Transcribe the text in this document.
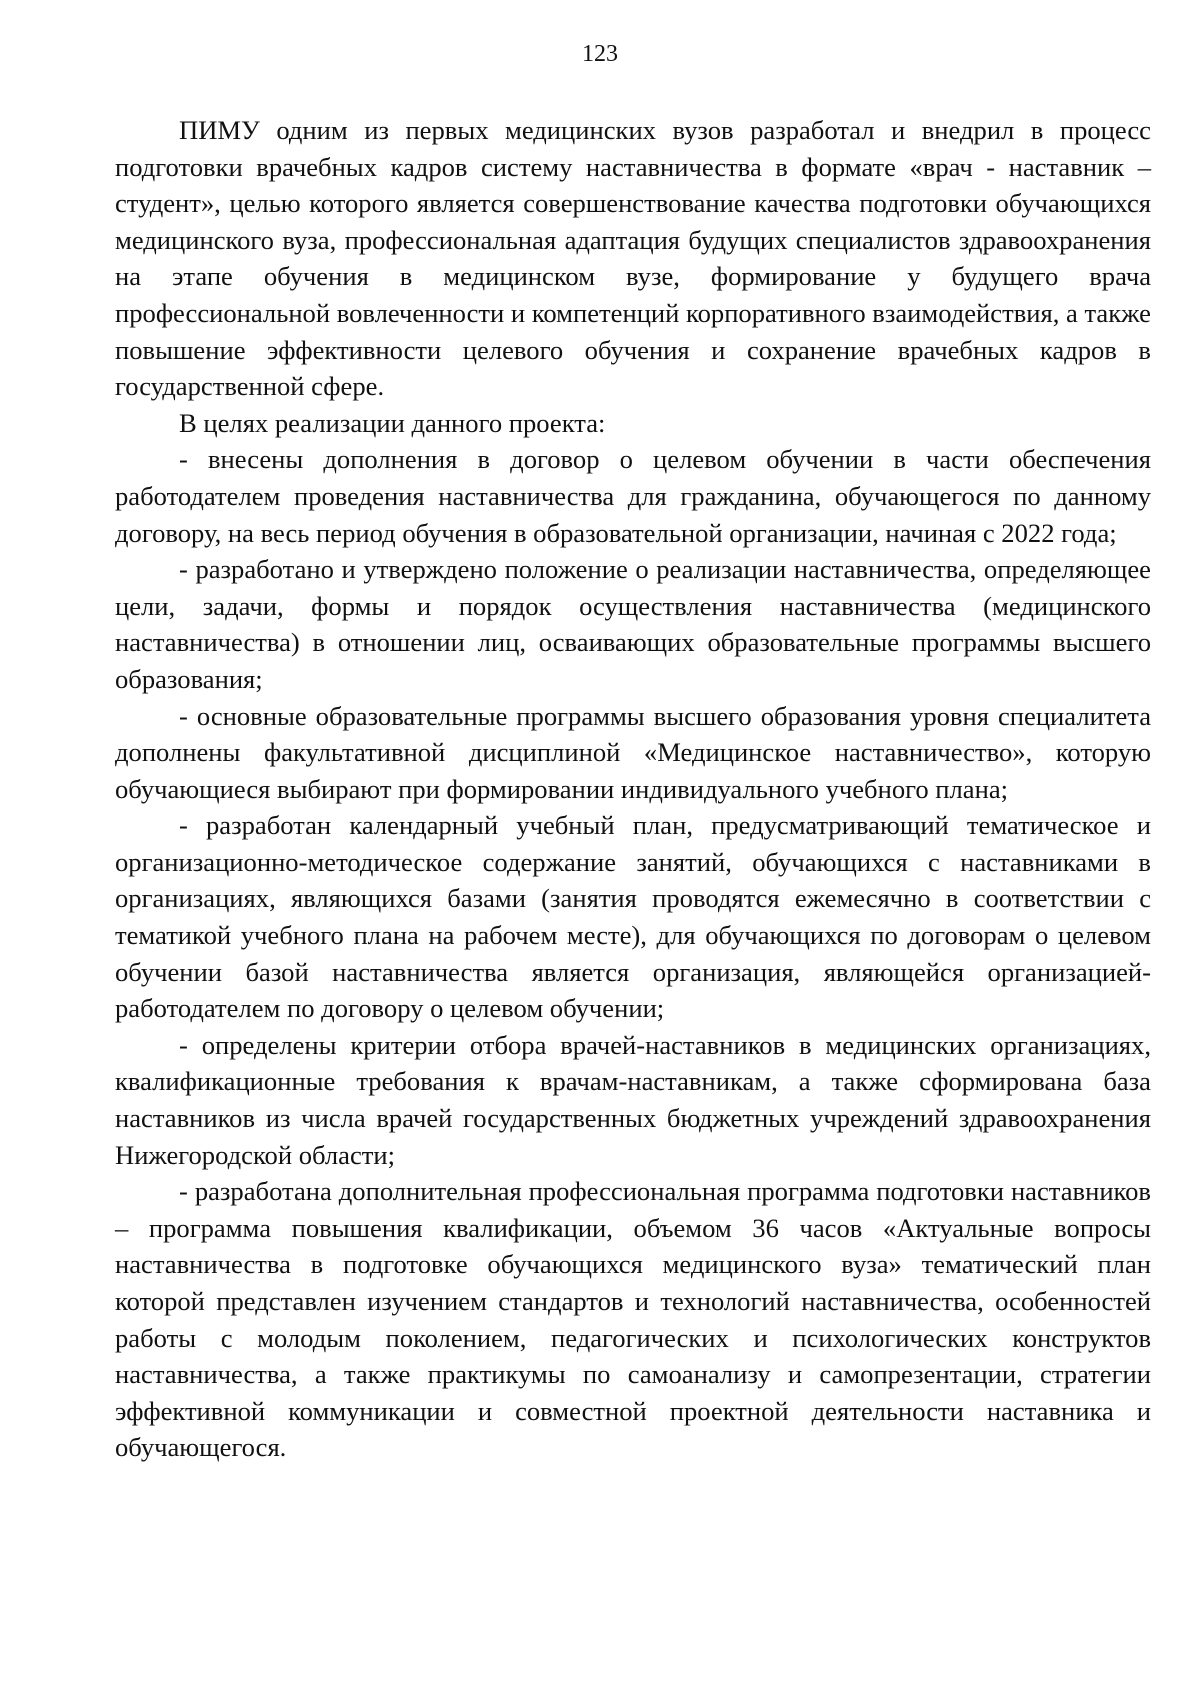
123

ПИМУ одним из первых медицинских вузов разработал и внедрил в процесс подготовки врачебных кадров систему наставничества в формате «врач - наставник – студент», целью которого является совершенствование качества подготовки обучающихся медицинского вуза, профессиональная адаптация будущих специалистов здравоохранения на этапе обучения в медицинском вузе, формирование у будущего врача профессиональной вовлеченности и компетенций корпоративного взаимодействия, а также повышение эффективности целевого обучения и сохранение врачебных кадров в государственной сфере.

В целях реализации данного проекта:

- внесены дополнения в договор о целевом обучении в части обеспечения работодателем проведения наставничества для гражданина, обучающегося по данному договору, на весь период обучения в образовательной организации, начиная с 2022 года;

- разработано и утверждено положение о реализации наставничества, определяющее цели, задачи, формы и порядок осуществления наставничества (медицинского наставничества) в отношении лиц, осваивающих образовательные программы высшего образования;

- основные образовательные программы высшего образования уровня специалитета дополнены факультативной дисциплиной «Медицинское наставничество», которую обучающиеся выбирают при формировании индивидуального учебного плана;

- разработан календарный учебный план, предусматривающий тематическое и организационно-методическое содержание занятий, обучающихся с наставниками в организациях, являющихся базами (занятия проводятся ежемесячно в соответствии с тематикой учебного плана на рабочем месте), для обучающихся по договорам о целевом обучении базой наставничества является организация, являющейся организацией-работодателем по договору о целевом обучении;

- определены критерии отбора врачей-наставников в медицинских организациях, квалификационные требования к врачам-наставникам, а также сформирована база наставников из числа врачей государственных бюджетных учреждений здравоохранения Нижегородской области;

- разработана дополнительная профессиональная программа подготовки наставников – программа повышения квалификации, объемом 36 часов «Актуальные вопросы наставничества в подготовке обучающихся медицинского вуза» тематический план которой представлен изучением стандартов и технологий наставничества, особенностей работы с молодым поколением, педагогических и психологических конструктов наставничества, а также практикумы по самоанализу и самопрезентации, стратегии эффективной коммуникации и совместной проектной деятельности наставника и обучающегося.
